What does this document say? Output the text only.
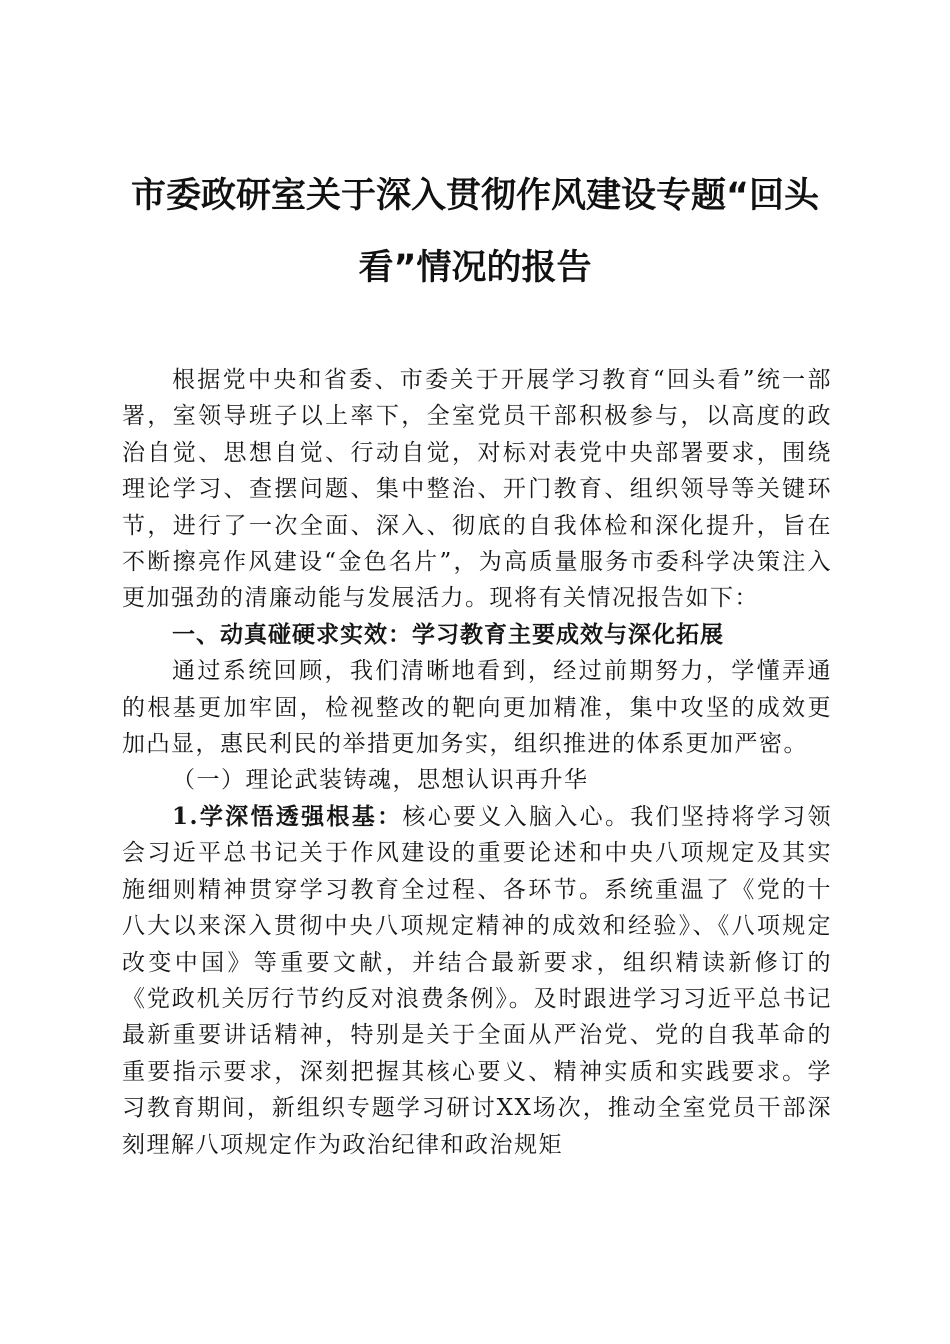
市委政研室关于深入贯彻作风建设专题“回头
看”情况的报告

根据党中央和省委、市委关于开展学习教育“回头看”统一部署，室领导班子以上率下，全室党员干部积极参与，以高度的政治自觉、思想自觉、行动自觉，对标对表党中央部署要求，围绕理论学习、查摆问题、集中整治、开门教育、组织领导等关键环节，进行了一次全面、深入、彻底的自我体检和深化提升，旨在不断擦亮作风建设“金色名片”，为高质量服务市委科学决策注入更加强劲的清廉动能与发展活力。现将有关情况报告如下：

一、动真碰硬求实效：学习教育主要成效与深化拓展

通过系统回顾，我们清晰地看到，经过前期努力，学懂弄通的根基更加牢固，检视整改的靶向更加精准，集中攻坚的成效更加凸显，惠民利民的举措更加务实，组织推进的体系更加严密。

（一）理论武装铸魂，思想认识再升华

1.学深悟透强根基：核心要义入脑入心。我们坚持将学习领会习近平总书记关于作风建设的重要论述和中央八项规定及其实施细则精神贯穿学习教育全过程、各环节。系统重温了《党的十八大以来深入贯彻中央八项规定精神的成效和经验》、《八项规定改变中国》等重要文献，并结合最新要求，组织精读新修订的《党政机关厉行节约反对浪费条例》。及时跟进学习习近平总书记最新重要讲话精神，特别是关于全面从严治党、党的自我革命的重要指示要求，深刻把握其核心要义、精神实质和实践要求。学习教育期间，新组织专题学习研讨XX场次，推动全室党员干部深刻理解八项规定作为政治纪律和政治规矩
